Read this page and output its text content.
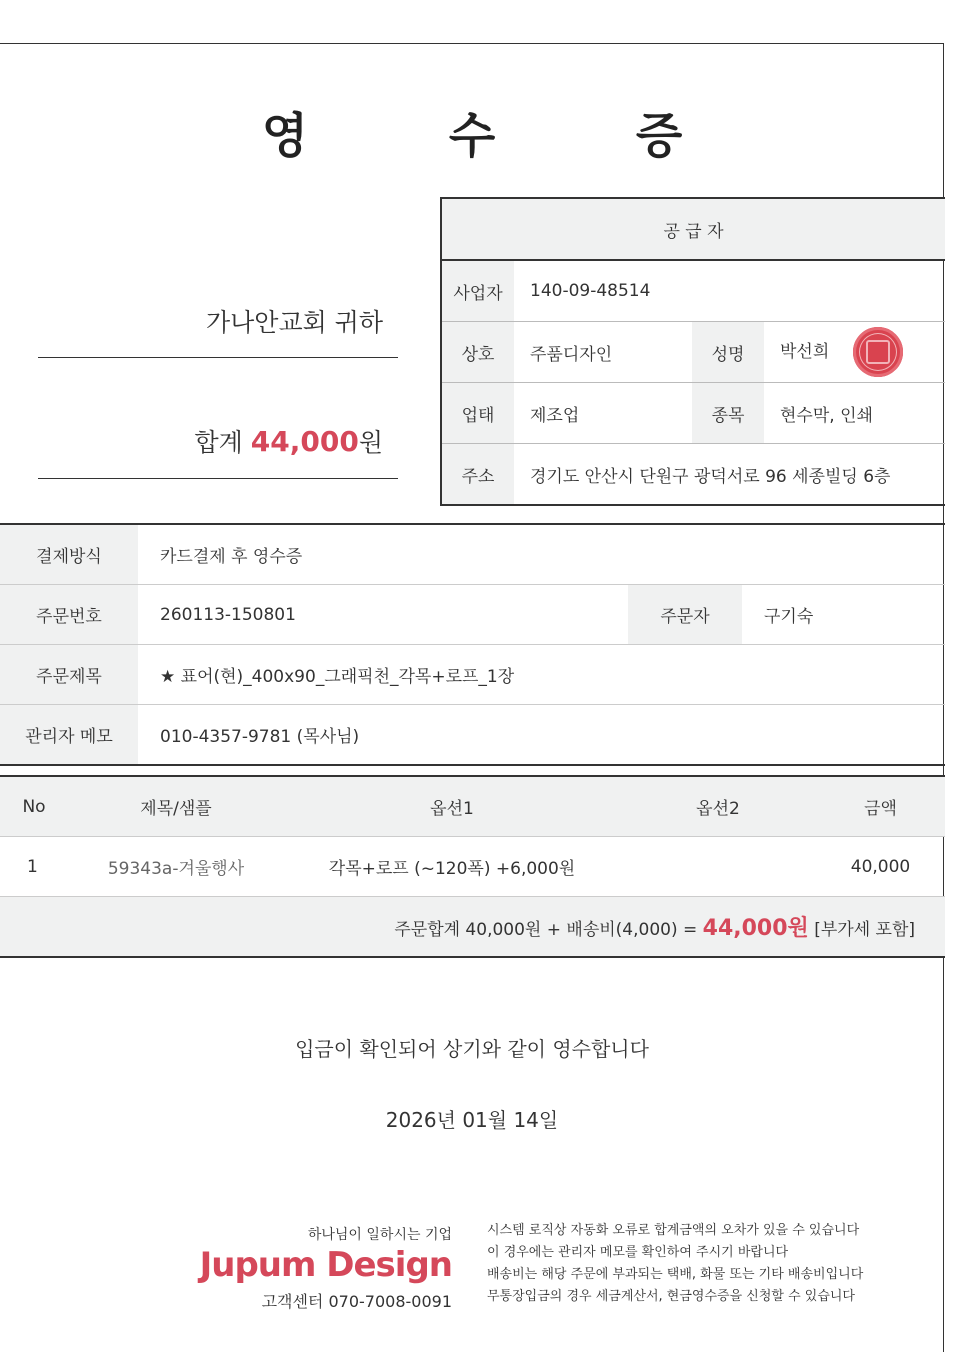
영 수 증
가나안교회 귀하
합계 44,000원
공 급 자			
사업자	140-09-48514		
상호	주품디자인	성명	박선희
업태	제조업	종목	현수막, 인쇄
주소	경기도 안산시 단원구 광덕서로 96 세종빌딩 6층		
결제방식	카드결제 후 영수증		
주문번호	260113-150801	주문자	구기숙
주문제목	★ 표어(현)_400x90_그래픽천_각목+로프_1장		
관리자 메모	010-4357-9781 (목사님)		
No	제목/샘플	옵션1	옵션2	금액
1	59343a-겨울행사	각목+로프 (~120폭) +6,000원		40,000
주문합계 40,000원 + 배송비(4,000) = 44,000원 [부가세 포함]				
입금이 확인되어 상기와 같이 영수합니다
2026년 01월 14일
하나님이 일하시는 기업
Jupum Design
고객센터 070-7008-0091
시스템 로직상 자동화 오류로 합계금액의 오차가 있을 수 있습니다
이 경우에는 관리자 메모를 확인하여 주시기 바랍니다
배송비는 해당 주문에 부과되는 택배, 화물 또는 기타 배송비입니다
무통장입금의 경우 세금계산서, 현금영수증을 신청할 수 있습니다
